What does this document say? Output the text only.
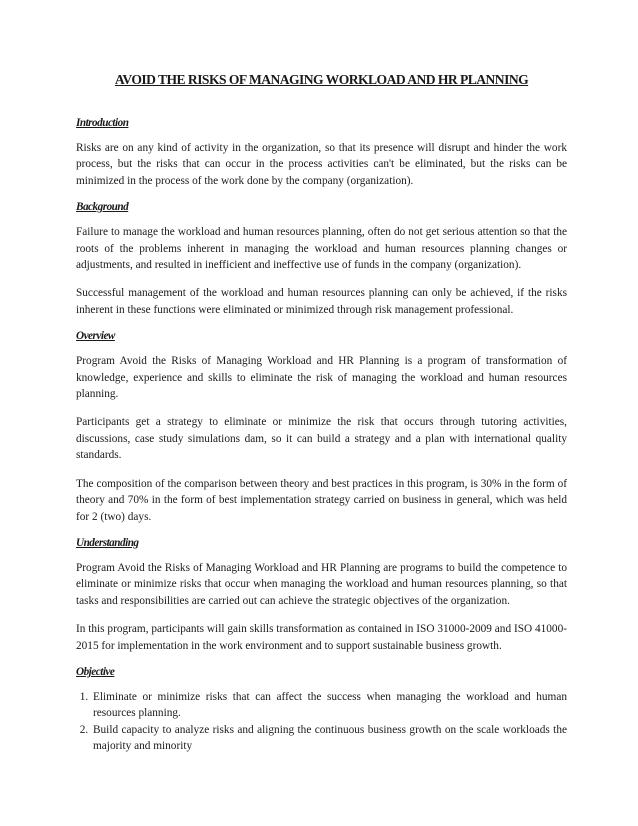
AVOID THE RISKS OF MANAGING WORKLOAD AND HR PLANNING
Introduction

Risks are on any kind of activity in the organization, so that its presence will disrupt and hinder the work process, but the risks that can occur in the process activities can't be eliminated, but the risks can be minimized in the process of the work done by the company (organization).

Background

Failure to manage the workload and human resources planning, often do not get serious attention so that the roots of the problems inherent in managing the workload and human resources planning changes or adjustments, and resulted in inefficient and ineffective use of funds in the company (organization).

Successful management of the workload and human resources planning can only be achieved, if the risks inherent in these functions were eliminated or minimized through risk management professional.

Overview

Program Avoid the Risks of Managing Workload and HR Planning is a program of transformation of knowledge, experience and skills to eliminate the risk of managing the workload and human resources planning.

Participants get a strategy to eliminate or minimize the risk that occurs through tutoring activities, discussions, case study simulations dam, so it can build a strategy and a plan with international quality standards.

The composition of the comparison between theory and best practices in this program, is 30% in the form of theory and 70% in the form of best implementation strategy carried on business in general, which was held for 2 (two) days.

Understanding

Program Avoid the Risks of Managing Workload and HR Planning are programs to build the competence to eliminate or minimize risks that occur when managing the workload and human resources planning, so that tasks and responsibilities are carried out can achieve the strategic objectives of the organization.

In this program, participants will gain skills transformation as contained in ISO 31000-2009 and ISO 41000-2015 for implementation in the work environment and to support sustainable business growth.

Objective
1. Eliminate or minimize risks that can affect the success when managing the workload and human resources planning.
2. Build capacity to analyze risks and aligning the continuous business growth on the scale workloads the majority and minority
